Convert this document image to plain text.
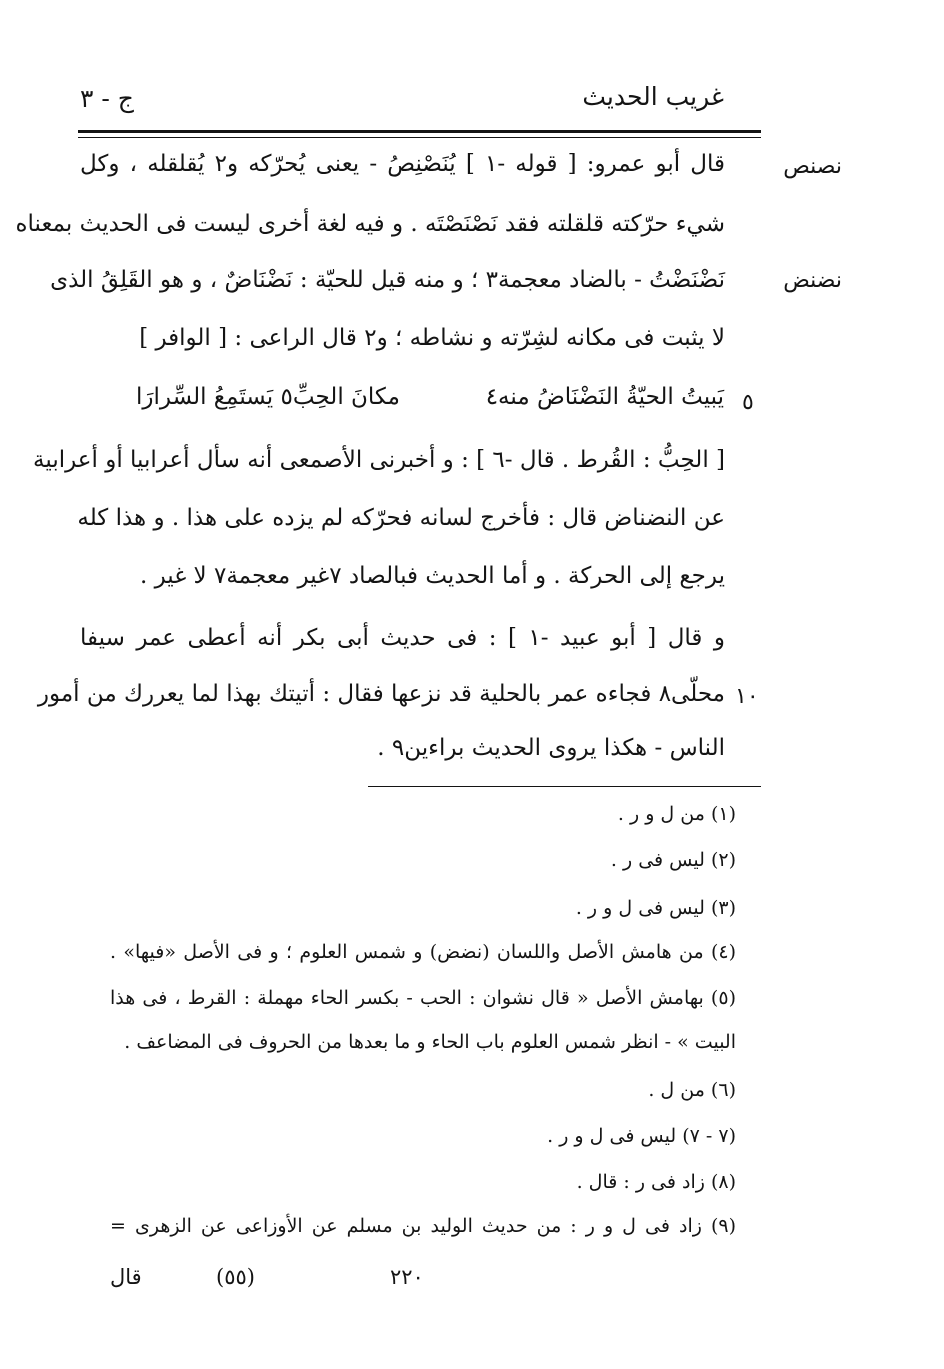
غريب الحديث
ج - ٣
نصنص
نضنض
قال أبو عمرو: [ قوله -١ ] يُنَصْنِصُ - يعنى يُحرّكه و٢ يُقلقله ، وكل
شيء حرّكته قلقلته فقد نَصْنَصْتَه . و فيه لغة أخرى ليست فى الحديث بمعناه
نَضْنَضْتُ - بالضاد معجمة٣ ؛ و منه قيل للحيّة : نَضْنَاضٌ ، و هو القَلِقُ الذى
لا يثبت فى مكانه لشِرّته و نشاطه ؛ و٢ قال الراعى : [ الوافر ]
٥
يَبيتُ الحيّةُ النَضْنَاضُ منه٤
مكانَ الحِبِّ٥ يَستَمِعُ السِّرارَا
[ الحِبُّ : القُرط . قال -٦ ] : و أخبرنى الأصمعى أنه سأل أعرابيا أو أعرابية
عن النضناض قال : فأخرج لسانه فحرّكه لم يزده على هذا . و هذا كله
يرجع إلى الحركة . و أما الحديث فبالصاد ٧غير معجمة٧ لا غير .
و قال [ أبو عبيد -١ ] : فى حديث أبى بكر أنه أعطى عمر سيفا
١٠
محلّى٨ فجاءه عمر بالحلية قد نزعها فقال : أتيتك بهذا لما يعررك من أمور
الناس - هكذا يروى الحديث براءين٩ .
(١) من ل و ر .
(٢) ليس فى ر .
(٣) ليس فى ل و ر .
(٤) من هامش الأصل واللسان (نضض) و شمس العلوم ؛ و فى الأصل «فيها» .
(٥) بهامش الأصل « قال نشوان : الحب - بكسر الحاء مهملة : القرط ، فى هذا
البيت » - انظر شمس العلوم باب الحاء و ما بعدها من الحروف فى المضاعف .
(٦) من ل .
(٧ - ٧) ليس فى ل و ر .
(٨) زاد فى ر : قال .
(٩) زاد فى ل و ر : من حديث الوليد بن مسلم عن الأوزاعى عن الزهرى =
قال	(٥٥)	٢٢٠
